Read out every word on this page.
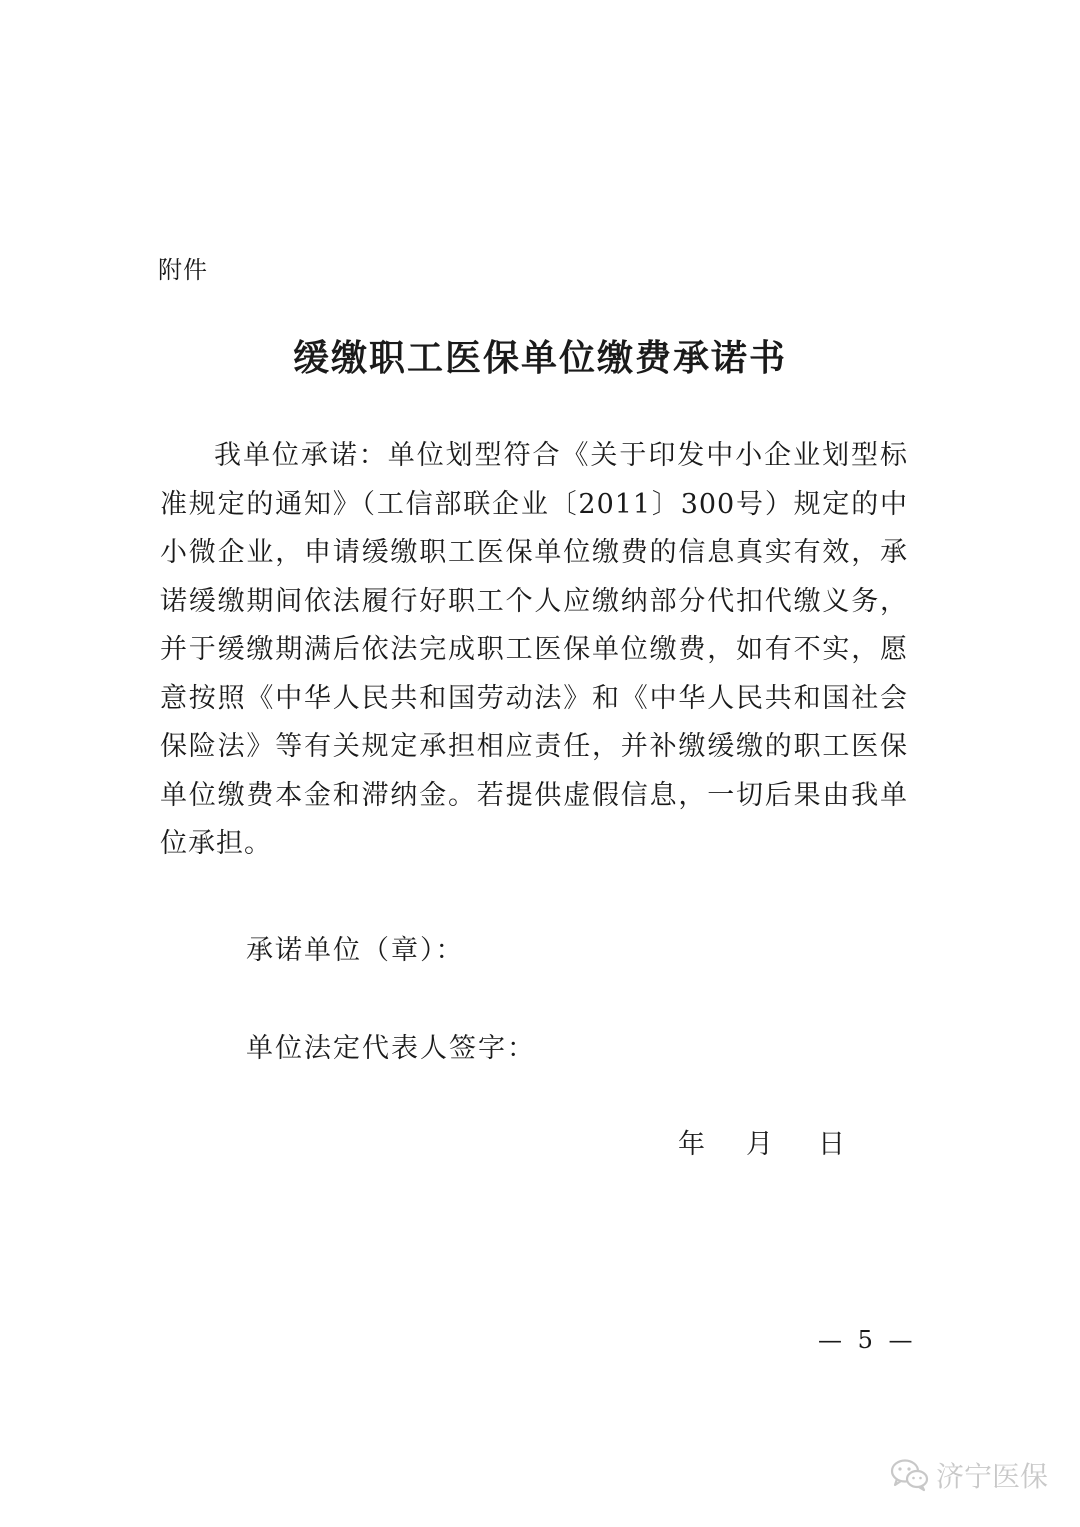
附件
缓缴职工医保单位缴费承诺书

我单位承诺：单位划型符合《关于印发中小企业划型标准规定的通知》（工信部联企业〔2011〕300号）规定的中小微企业，申请缓缴职工医保单位缴费的信息真实有效，承诺缓缴期间依法履行好职工个人应缴纳部分代扣代缴义务，并于缓缴期满后依法完成职工医保单位缴费，如有不实，愿意按照《中华人民共和国劳动法》和《中华人民共和国社会保险法》等有关规定承担相应责任，并补缴缓缴的职工医保单位缴费本金和滞纳金。若提供虚假信息，一切后果由我单位承担。

承诺单位（章）：
单位法定代表人签字：
年	月	日
— 5 —
济宁医保
